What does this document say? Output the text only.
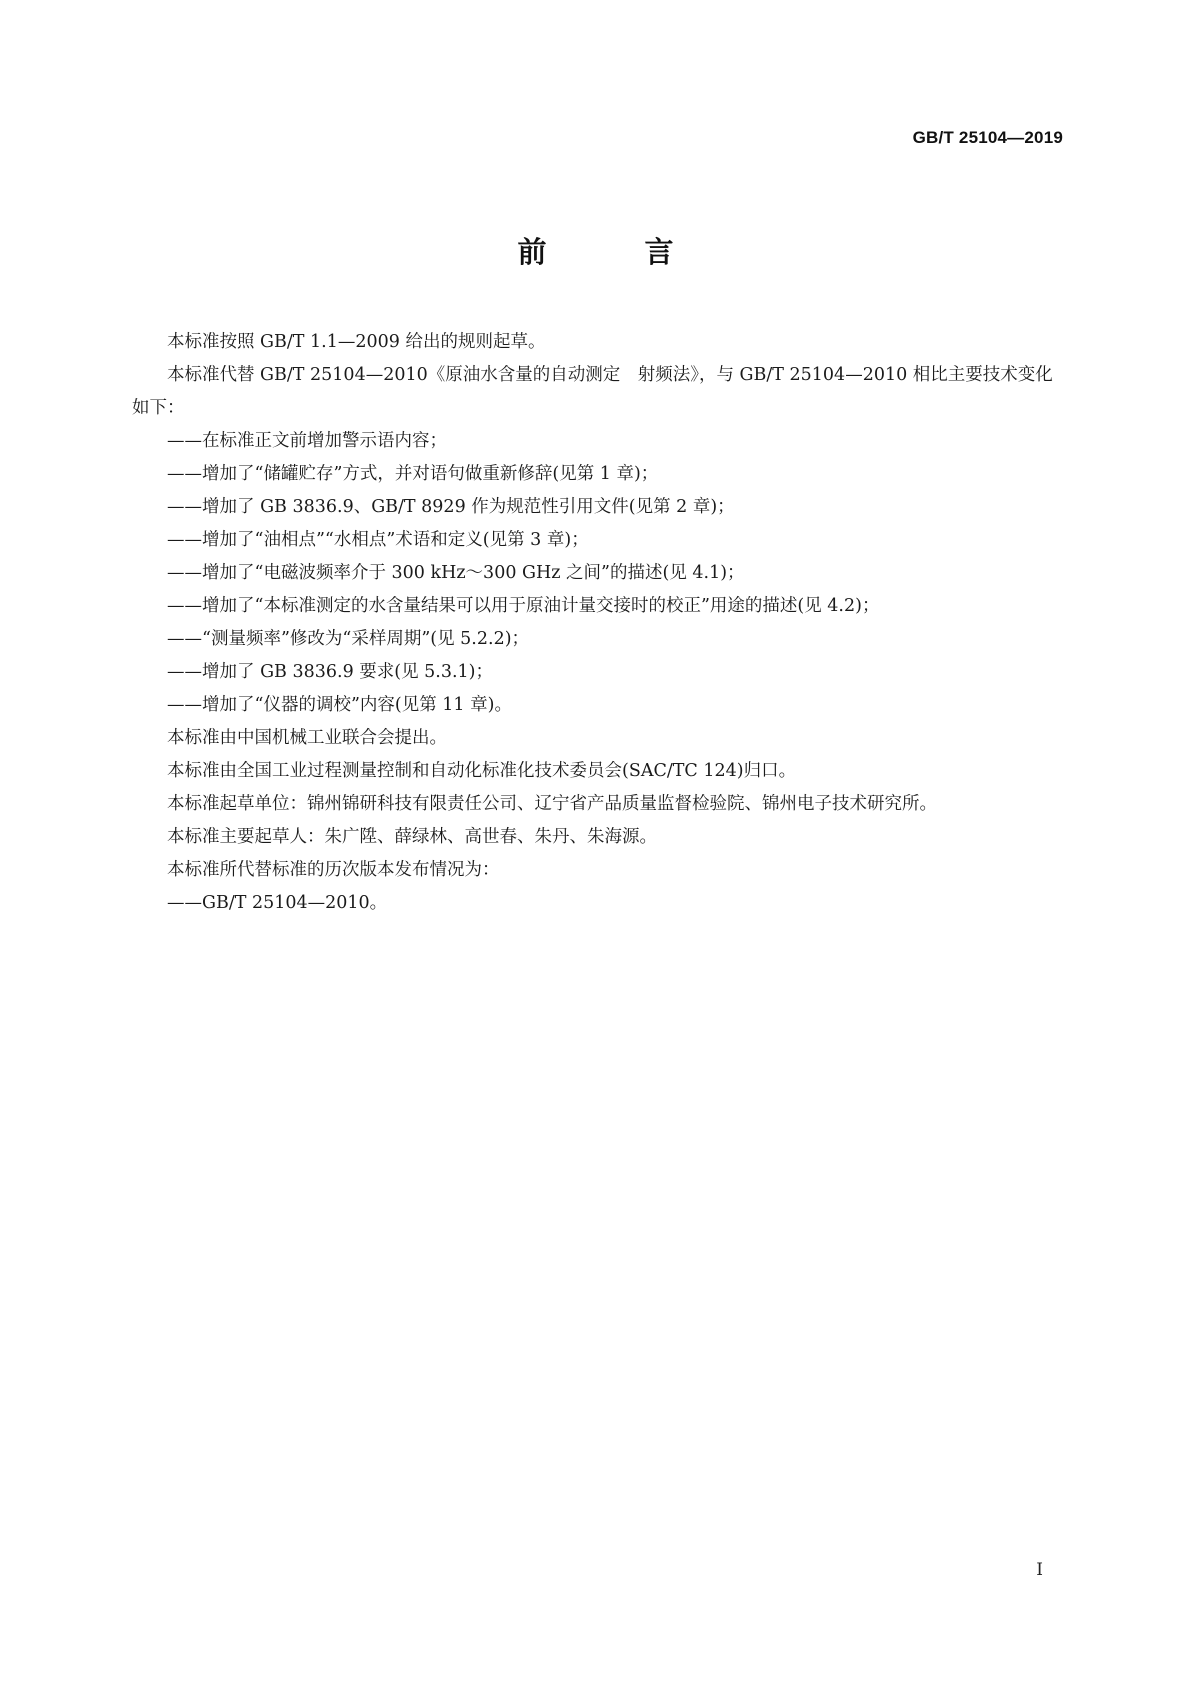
GB/T 25104—2019
前 言

本标准按照 GB/T 1.1—2009 给出的规则起草。

本标准代替 GB/T 25104—2010《原油水含量的自动测定　射频法》，与 GB/T 25104—2010 相比主要技术变化如下：

——在标准正文前增加警示语内容；

——增加了“储罐贮存”方式，并对语句做重新修辞(见第 1 章)；

——增加了 GB 3836.9、GB/T 8929 作为规范性引用文件(见第 2 章)；

——增加了“油相点”“水相点”术语和定义(见第 3 章)；

——增加了“电磁波频率介于 300 kHz～300 GHz 之间”的描述(见 4.1)；

——增加了“本标准测定的水含量结果可以用于原油计量交接时的校正”用途的描述(见 4.2)；

——“测量频率”修改为“采样周期”(见 5.2.2)；

——增加了 GB 3836.9 要求(见 5.3.1)；

——增加了“仪器的调校”内容(见第 11 章)。

本标准由中国机械工业联合会提出。

本标准由全国工业过程测量控制和自动化标准化技术委员会(SAC/TC 124)归口。

本标准起草单位：锦州锦研科技有限责任公司、辽宁省产品质量监督检验院、锦州电子技术研究所。

本标准主要起草人：朱广陞、薛绿林、高世春、朱丹、朱海源。

本标准所代替标准的历次版本发布情况为：

——GB/T 25104—2010。

I
